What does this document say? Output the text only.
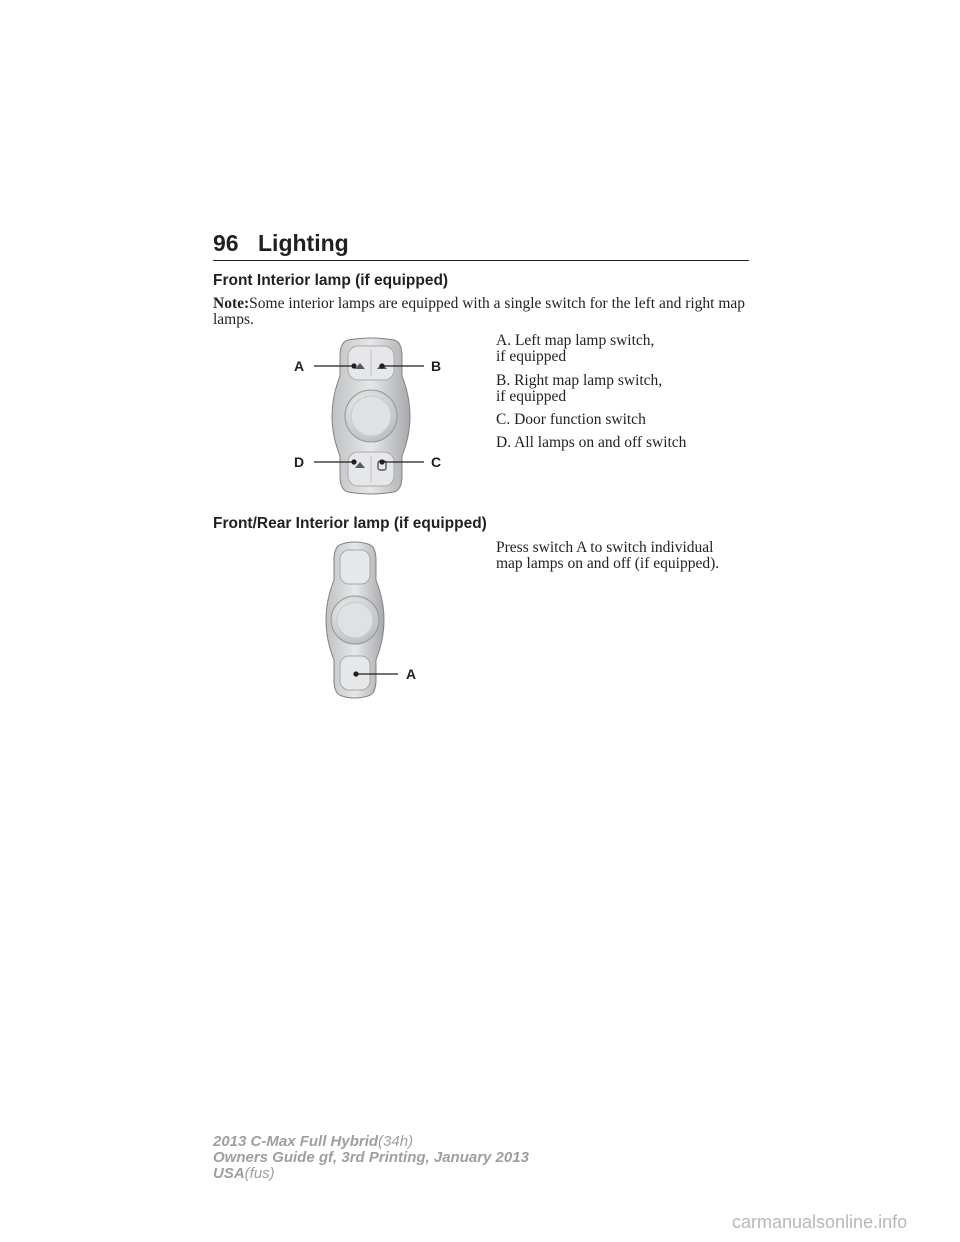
96 Lighting
Front Interior lamp (if equipped)
Note:Some interior lamps are equipped with a single switch for the left and right map lamps.
A	B
D	C
A. Left map lamp switch,
if equipped
B. Right map lamp switch,
if equipped
C. Door function switch
D. All lamps on and off switch
Front/Rear Interior lamp (if equipped)
A
Press switch A to switch individual
map lamps on and off (if equipped).
2013 C-Max Full Hybrid(34h)
Owners Guide gf, 3rd Printing, January 2013
USA(fus)
carmanualsonline.info
